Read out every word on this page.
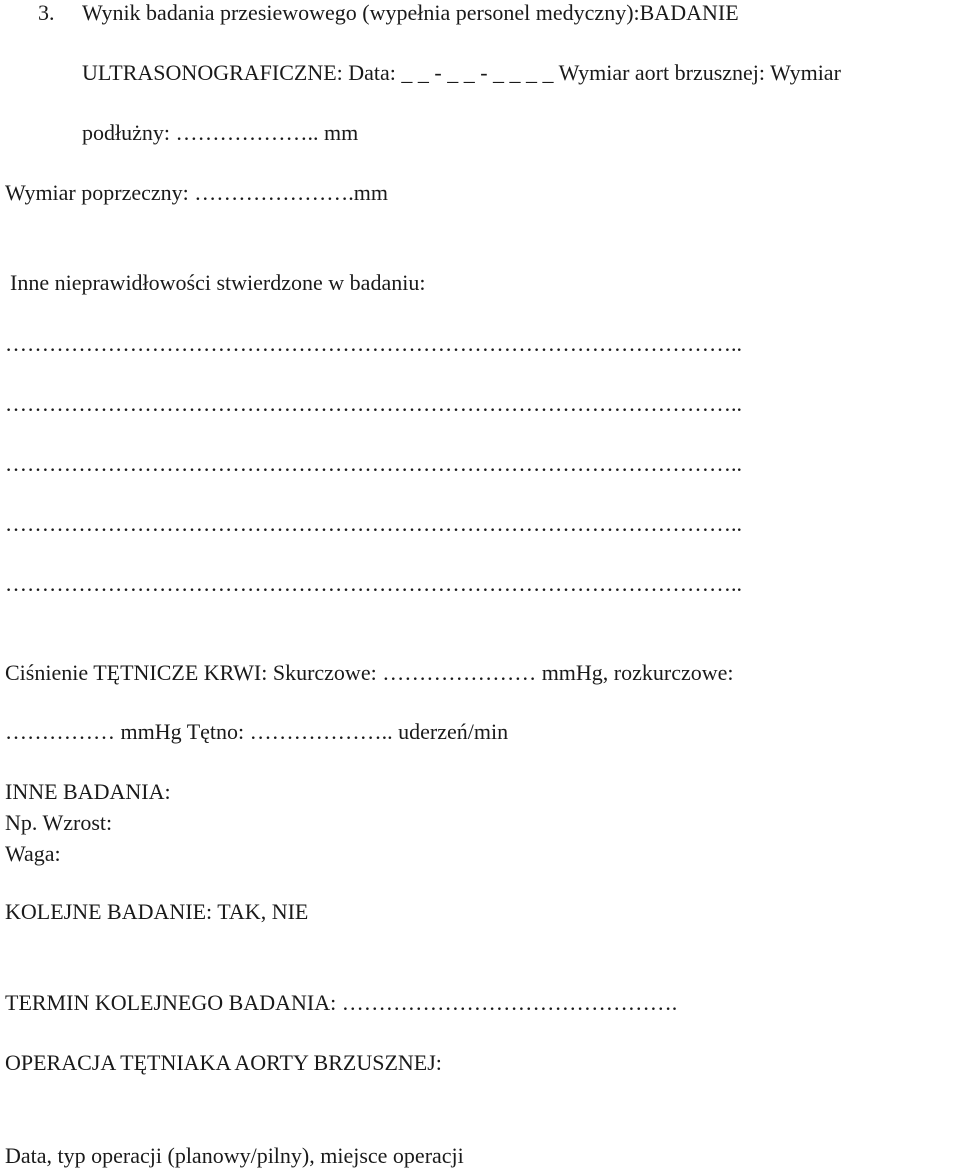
3. Wynik badania przesiewowego (wypełnia personel medyczny):BADANIE
ULTRASONOGRAFICZNE: Data: _ _ - _ _ - _ _ _ _ Wymiar aort brzusznej: Wymiar
podłużny: ……………….. mm
Wymiar poprzeczny: ………………….mm
Inne nieprawidłowości stwierdzone w badaniu:
………………………………………………………………………………………..
………………………………………………………………………………………..
………………………………………………………………………………………..
………………………………………………………………………………………..
………………………………………………………………………………………..
Ciśnienie TĘTNICZE KRWI: Skurczowe: ………………… mmHg, rozkurczowe:
…………… mmHg Tętno: ……………….. uderzeń/min
INNE BADANIA:
Np. Wzrost:
Waga:
KOLEJNE BADANIE: TAK, NIE
TERMIN KOLEJNEGO BADANIA: ……………………………………….
OPERACJA TĘTNIAKA AORTY BRZUSZNEJ:
Data, typ operacji (planowy/pilny), miejsce operacji
